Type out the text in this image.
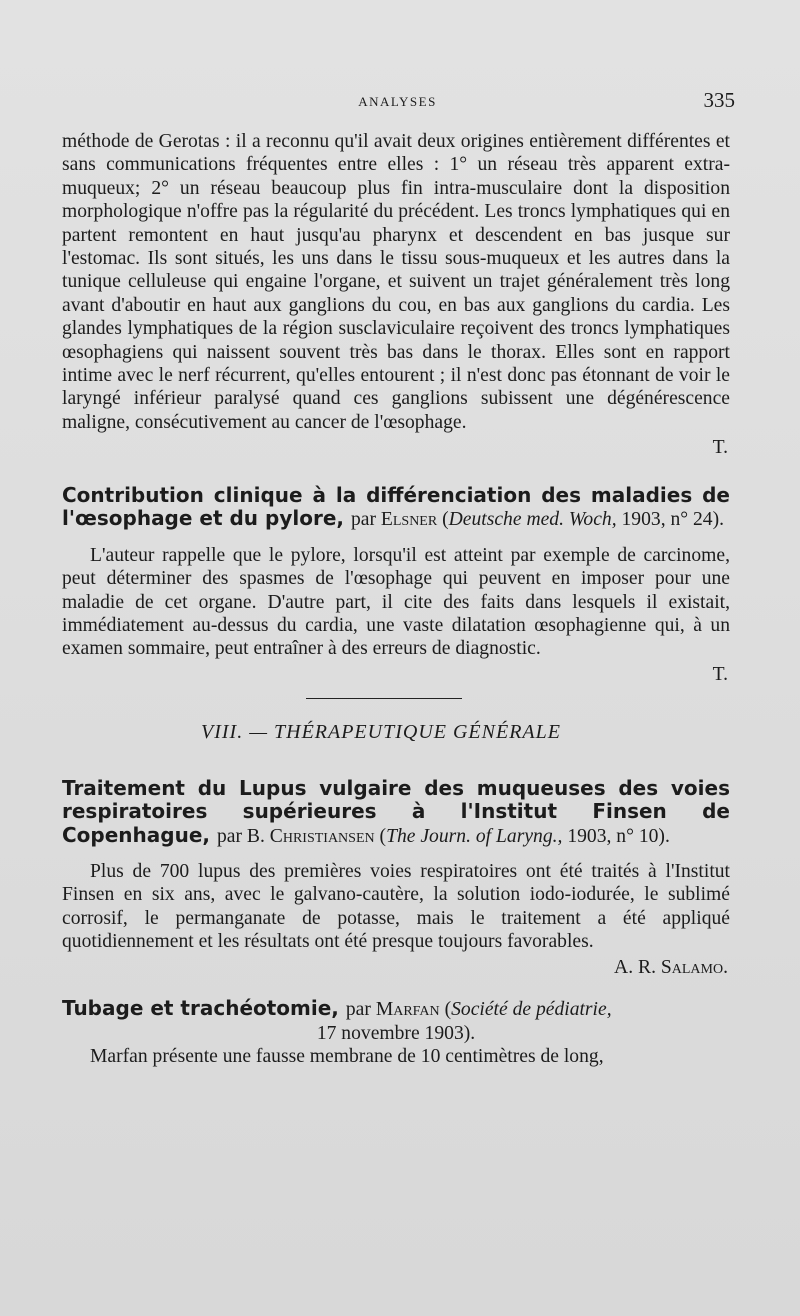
ANALYSES	335

méthode de Gerotas : il a reconnu qu'il avait deux origines entièrement différentes et sans communications fréquentes entre elles : 1° un réseau très apparent extra-muqueux; 2° un réseau beaucoup plus fin intra-musculaire dont la disposition morphologique n'offre pas la régularité du précédent. Les troncs lymphatiques qui en partent remontent en haut jusqu'au pharynx et descendent en bas jusque sur l'estomac. Ils sont situés, les uns dans le tissu sous-muqueux et les autres dans la tunique celluleuse qui engaine l'organe, et suivent un trajet généralement très long avant d'aboutir en haut aux ganglions du cou, en bas aux ganglions du cardia. Les glandes lymphatiques de la région susclaviculaire reçoivent des troncs lymphatiques œsophagiens qui naissent souvent très bas dans le thorax. Elles sont en rapport intime avec le nerf récurrent, qu'elles entourent ; il n'est donc pas étonnant de voir le laryngé inférieur paralysé quand ces ganglions subissent une dégénérescence maligne, consécutivement au cancer de l'œsophage.

T.

Contribution clinique à la différenciation des maladies de l'œsophage et du pylore, par Elsner (Deutsche med. Woch, 1903, n° 24).

L'auteur rappelle que le pylore, lorsqu'il est atteint par exemple de carcinome, peut déterminer des spasmes de l'œsophage qui peuvent en imposer pour une maladie de cet organe. D'autre part, il cite des faits dans lesquels il existait, immédiatement au-dessus du cardia, une vaste dilatation œsophagienne qui, à un examen sommaire, peut entraîner à des erreurs de diagnostic.

T.

VIII. — THÉRAPEUTIQUE GÉNÉRALE
Traitement du Lupus vulgaire des muqueuses des voies respiratoires supérieures à l'Institut Finsen de Copenhague, par B. Christiansen (The Journ. of Laryng., 1903, n° 10).

Plus de 700 lupus des premières voies respiratoires ont été traités à l'Institut Finsen en six ans, avec le galvano-cautère, la solution iodo-iodurée, le sublimé corrosif, le permanganate de potasse, mais le traitement a été appliqué quotidiennement et les résultats ont été presque toujours favorables.

A. R. Salamo.

Tubage et trachéotomie, par Marfan (Société de pédiatrie,
17 novembre 1903).

Marfan présente une fausse membrane de 10 centimètres de long,
